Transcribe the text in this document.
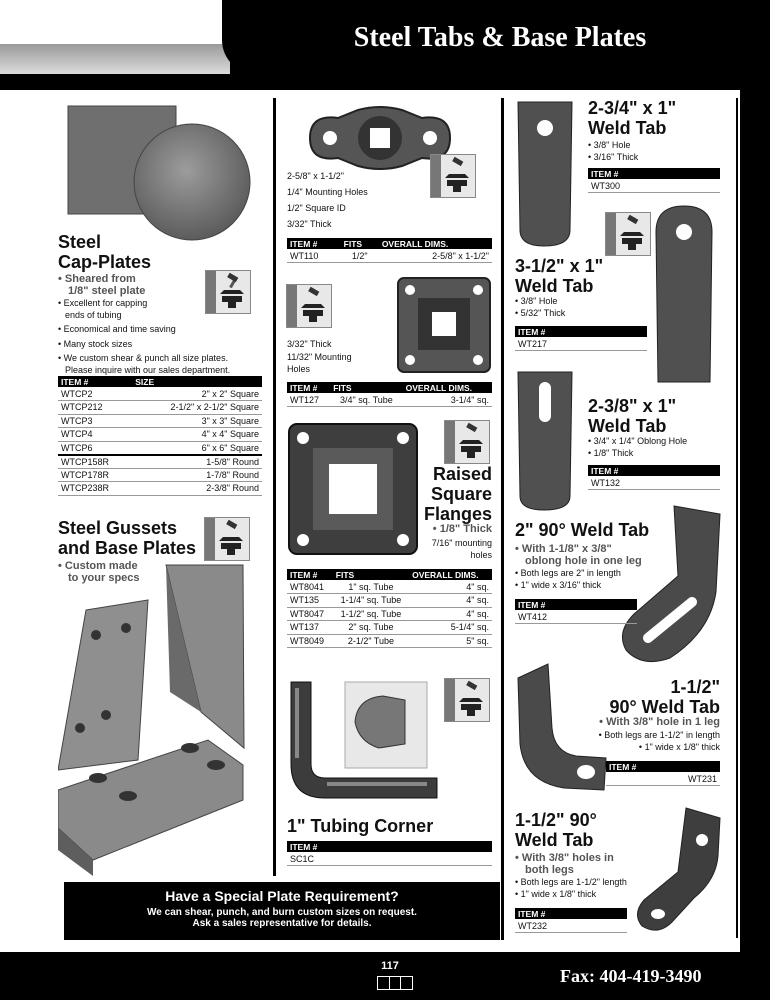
Steel Tabs & Base Plates
Steel
Cap-Plates
• Sheared from
1/8" steel plate
• Excellent for capping
ends of tubing
• Economical and time saving
• Many stock sizes
• We custom shear & punch all size plates.
Please inquire with our sales department.
ITEM #	SIZE
WTCP2	2" x 2" Square
WTCP212	2-1/2" x 2-1/2" Square
WTCP3	3" x 3" Square
WTCP4	4" x 4" Square
WTCP6	6" x 6" Square
WTCP158R	1-5/8" Round
WTCP178R	1-7/8" Round
WTCP238R	2-3/8" Round
Steel Gussets
and Base Plates
• Custom made
to your specs
2-5/8" x 1-1/2"
1/4" Mounting Holes
1/2" Square ID
3/32" Thick
ITEM #	FITS	OVERALL DIMS.
WT110	1/2"	2-5/8" x 1-1/2"
3/32" Thick
11/32" Mounting
Holes
ITEM #	FITS	OVERALL DIMS.
WT127	3/4" sq. Tube	3-1/4" sq.
Raised
Square
Flanges
• 1/8" Thick
7/16" mounting
holes
ITEM #	FITS	OVERALL DIMS.
WT8041	1" sq. Tube	4" sq.
WT135	1-1/4" sq. Tube	4" sq.
WT8047	1-1/2" sq. Tube	4" sq.
WT137	2" sq. Tube	5-1/4" sq.
WT8049	2-1/2" Tube	5" sq.
1" Tubing Corner
ITEM #
SC1C
2-3/4" x 1"
Weld Tab
• 3/8" Hole
• 3/16" Thick
ITEM #
WT300
3-1/2" x 1"
Weld Tab
• 3/8" Hole
• 5/32" Thick
ITEM #
WT217
2-3/8" x 1"
Weld Tab
• 3/4" x 1/4" Oblong Hole
• 1/8" Thick
ITEM #
WT132
2" 90° Weld Tab
• With 1-1/8" x 3/8"
oblong hole in one leg
• Both legs are 2" in length
• 1" wide x 3/16" thick
ITEM #
WT412
1-1/2"
90° Weld Tab
• With 3/8" hole in 1 leg
• Both legs are 1-1/2" in length
• 1" wide x 1/8" thick
ITEM #
WT231
1-1/2" 90°
Weld Tab
• With 3/8" holes in
both legs
• Both legs are 1-1/2" length
• 1" wide x 1/8" thick
ITEM #
WT232
Have a Special Plate Requirement?
We can shear, punch, and burn custom sizes on request.
Ask a sales representative for details.
117	Fax: 404-419-3490
